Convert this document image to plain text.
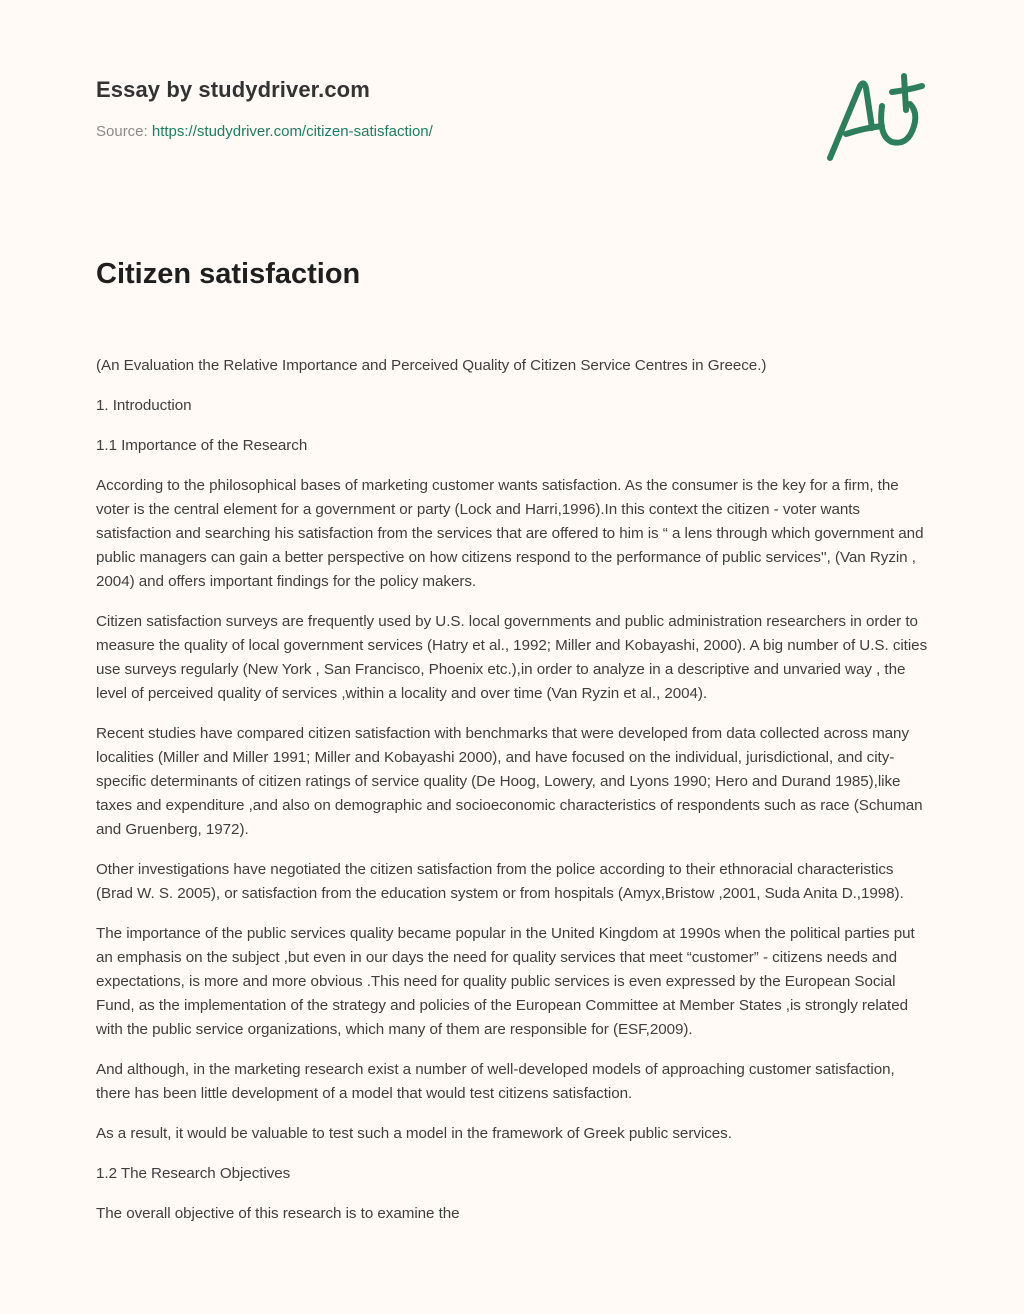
Essay by studydriver.com
Source: https://studydriver.com/citizen-satisfaction/
Citizen satisfaction

(An Evaluation the Relative Importance and Perceived Quality of Citizen Service Centres in Greece.)

1. Introduction

1.1 Importance of the Research

According to the philosophical bases of marketing customer wants satisfaction. As the consumer is the key for a firm, the voter is the central element for a government or party (Lock and Harri,1996).In this context the citizen - voter wants satisfaction and searching his satisfaction from the services that are offered to him is “ a lens through which government and public managers can gain a better perspective on how citizens respond to the performance of public services'', (Van Ryzin , 2004) and offers important findings for the policy makers.

Citizen satisfaction surveys are frequently used by U.S. local governments and public administration researchers in order to measure the quality of local government services (Hatry et al., 1992; Miller and Kobayashi, 2000). A big number of U.S. cities use surveys regularly (New York , San Francisco, Phoenix etc.),in order to analyze in a descriptive and unvaried way , the level of perceived quality of services ,within a locality and over time (Van Ryzin et al., 2004).

Recent studies have compared citizen satisfaction with benchmarks that were developed from data collected across many localities (Miller and Miller 1991; Miller and Kobayashi 2000), and have focused on the individual, jurisdictional, and city-specific determinants of citizen ratings of service quality (De Hoog, Lowery, and Lyons 1990; Hero and Durand 1985),like taxes and expenditure ,and also on demographic and socioeconomic characteristics of respondents such as race (Schuman and Gruenberg, 1972).

Other investigations have negotiated the citizen satisfaction from the police according to their ethnoracial characteristics (Brad W. S. 2005), or satisfaction from the education system or from hospitals (Amyx,Bristow ,2001, Suda Anita D.,1998).

The importance of the public services quality became popular in the United Kingdom at 1990s when the political parties put an emphasis on the subject ,but even in our days the need for quality services that meet “customer” - citizens needs and expectations, is more and more obvious .This need for quality public services is even expressed by the European Social Fund, as the implementation of the strategy and policies of the European Committee at Member States ,is strongly related with the public service organizations, which many of them are responsible for (ESF,2009).

And although, in the marketing research exist a number of well-developed models of approaching customer satisfaction, there has been little development of a model that would test citizens satisfaction.

As a result, it would be valuable to test such a model in the framework of Greek public services.

1.2 The Research Objectives

The overall objective of this research is to examine the
